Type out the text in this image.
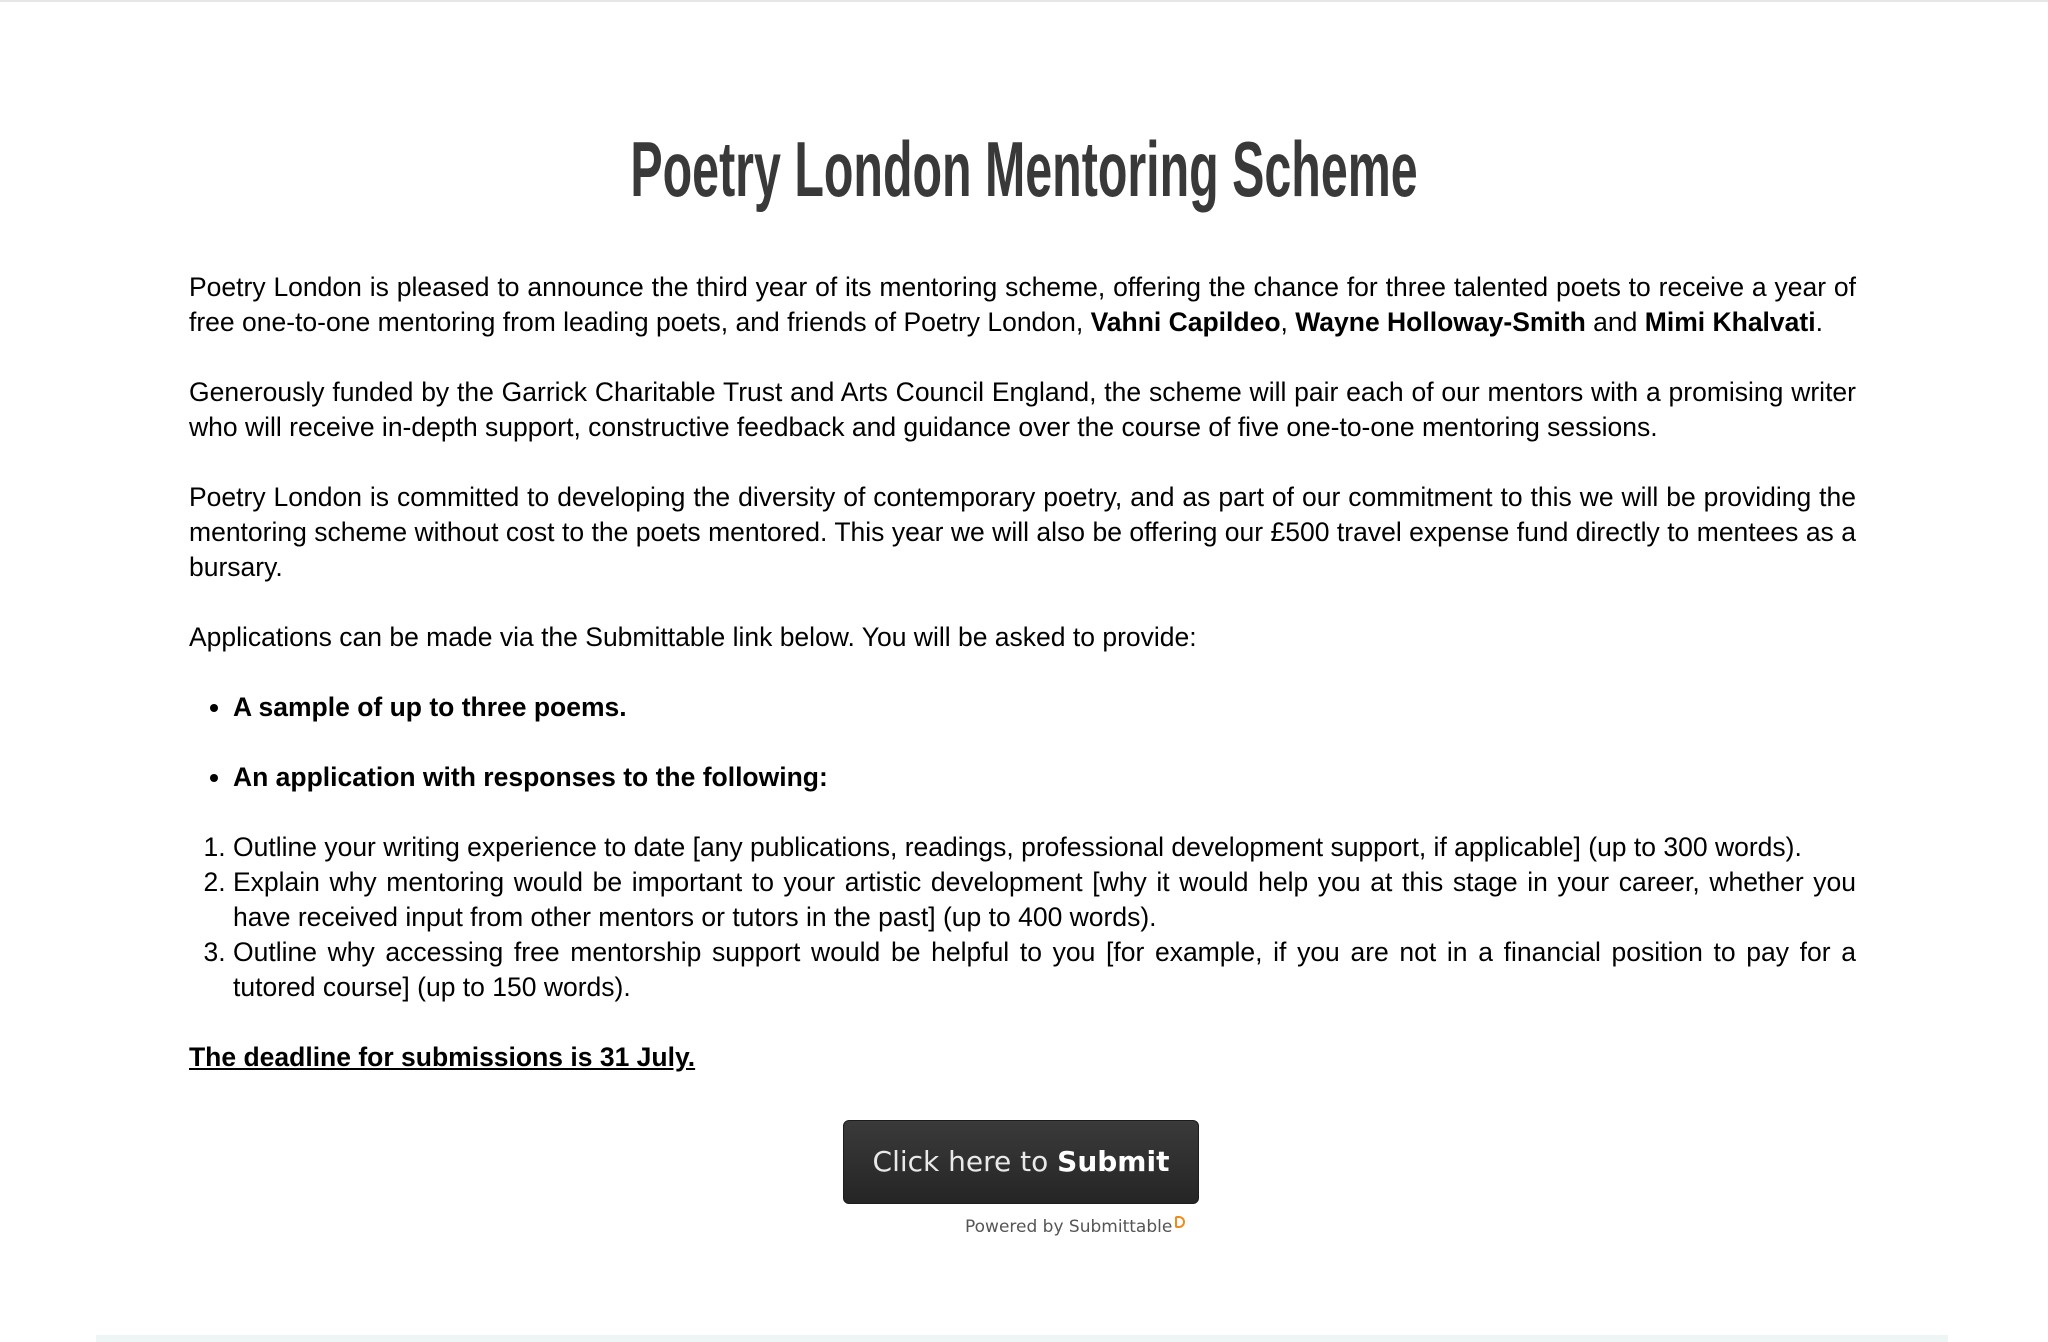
Poetry London Mentoring Scheme

Poetry London is pleased to announce the third year of its mentoring scheme, offering the chance for three talented poets to receive a year of free one-to-one mentoring from leading poets, and friends of Poetry London, Vahni Capildeo, Wayne Holloway-Smith and Mimi Khalvati.

Generously funded by the Garrick Charitable Trust and Arts Council England, the scheme will pair each of our mentors with a promising writer who will receive in-depth support, constructive feedback and guidance over the course of five one-to-one mentoring sessions.

Poetry London is committed to developing the diversity of contemporary poetry, and as part of our commitment to this we will be providing the mentoring scheme without cost to the poets mentored. This year we will also be offering our £500 travel expense fund directly to mentees as a bursary.

Applications can be made via the Submittable link below. You will be asked to provide:

• A sample of up to three poems.
• An application with responses to the following:
1. Outline your writing experience to date [any publications, readings, professional development support, if applicable] (up to 300 words).
2. Explain why mentoring would be important to your artistic development [why it would help you at this stage in your career, whether you have received input from other mentors or tutors in the past] (up to 400 words).
3. Outline why accessing free mentorship support would be helpful to you [for example, if you are not in a financial position to pay for a tutored course] (up to 150 words).

The deadline for submissions is 31 July.

Click here to Submit
Powered by Submittable
